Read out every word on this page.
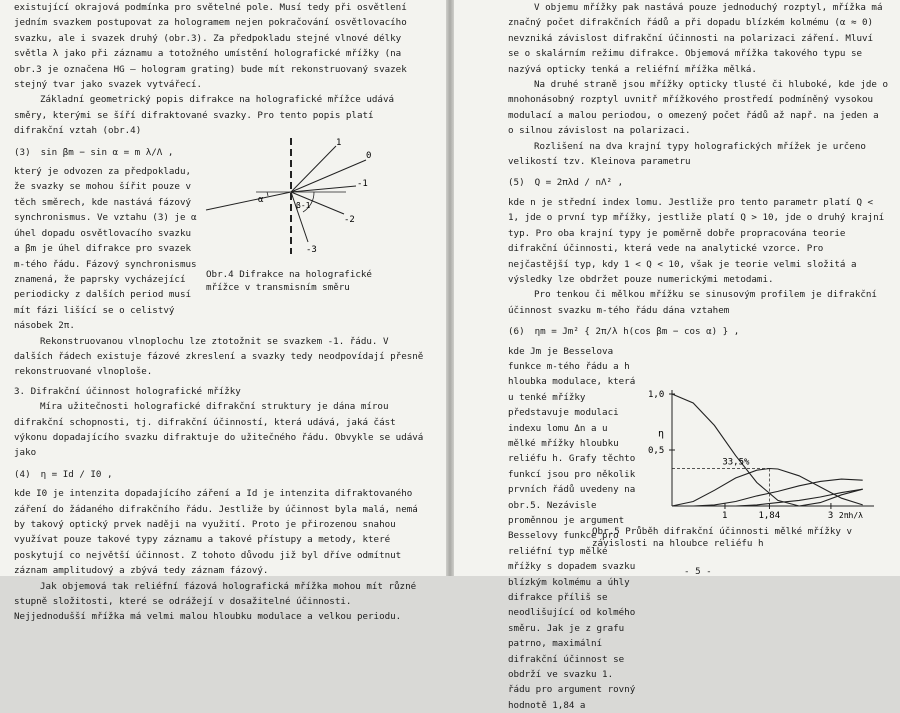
existující okrajová podmínka pro světelné pole. Musí tedy při osvětlení jedním svazkem postupovat za hologramem nejen pokračování osvětlovacího svazku, ale i svazek druhý (obr.3). Za předpokladu stejné vlnové délky světla λ jako při záznamu a totožného umístění holografické mřížky (na obr.3 je označena HG – hologram grating) bude mít rekonstruovaný svazek stejný tvar jako svazek vytvářecí.

Základní geometrický popis difrakce na holografické mřížce udává směry, kterými se šíří difraktované svazky. Pro tento popis platí difrakční vztah (obr.4)

(3) sin βm − sin α = m λ/Λ ,

který je odvozen za předpokladu, že svazky se mohou šířit pouze v těch směrech, kde nastává fázový synchronismus. Ve vztahu (3) je α úhel dopadu osvětlovacího svazku a βm je úhel difrakce pro svazek m-tého řádu. Fázový synchronismus znamená, že paprsky vycházející periodicky z dalších period musí mít fázi lišící se o celistvý násobek 2π.

Rekonstruovanou vlnoplochu lze ztotožnit se svazkem -1. řádu. V dalších řádech existuje fázové zkreslení a svazky tedy neodpovídají přesně rekonstruované vlnoploše.

3. Difrakční účinnost holografické mřížky

Míra užitečnosti holografické difrakční struktury je dána mírou difrakční schopnosti, tj. difrakční účinností, která udává, jaká část výkonu dopadajícího svazku difraktuje do užitečného řádu. Obvykle se udává jako

(4) η = Id / I0 ,

kde I0 je intenzita dopadajícího záření a Id je intenzita difraktovaného záření do žádaného difrakčního řádu. Jestliže by účinnost byla malá, nemá by takový optický prvek naději na využití. Proto je přirozenou snahou využívat pouze takové typy záznamu a takové přístupy a metody, které poskytují co největší účinnost. Z tohoto důvodu již byl dříve odmítnut záznam amplitudový a zbývá tedy záznam fázový.

Jak objemová tak reliéfní fázová holografická mřížka mohou mít různé stupně složitosti, které se odrážejí v dosažitelné účinnosti. Nejjednodušší mřížka má velmi malou hloubku modulace a velkou periodu.

1
0
-1
-2
-3
α
β-1

Obr.4 Difrakce na holografické mřížce v transmisním směru

V objemu mřížky pak nastává pouze jednoduchý rozptyl, mřížka má značný počet difrakčních řádů a při dopadu blízkém kolmému (α ≈ 0) nevzniká závislost difrakční účinnosti na polarizaci záření. Mluví se o skalárním režimu difrakce. Objemová mřížka takového typu se nazývá opticky tenká a reliéfní mřížka mělká.

Na druhé straně jsou mřížky opticky tlusté či hluboké, kde jde o mnohonásobný rozptyl uvnitř mřížkového prostředí podmíněný vysokou modulací a malou periodou, o omezený počet řádů až např. na jeden a o silnou závislost na polarizaci.

Rozlišení na dva krajní typy holografických mřížek je určeno velikostí tzv. Kleinova parametru

(5) Q = 2πλd / nΛ² ,

kde n je střední index lomu. Jestliže pro tento parametr platí Q < 1, jde o první typ mřížky, jestliže platí Q > 10, jde o druhý krajní typ. Pro oba krajní typy je poměrně dobře propracována teorie difrakční účinnosti, která vede na analytické vzorce. Pro nejčastější typ, kdy 1 < Q < 10, však je teorie velmi složitá a výsledky lze obdržet pouze numerickými metodami.

Pro tenkou či mělkou mřížku se sinusovým profilem je difrakční účinnost svazku m-tého řádu dána vztahem

(6) ηm = Jm² { 2π/λ h(cos βm − cos α) } ,

kde Jm je Besselova funkce m-tého řádu a h hloubka modulace, která u tenké mřížky představuje modulaci indexu lomu Δn a u mělké mřížky hloubku reliéfu h. Grafy těchto funkcí jsou pro několik prvních řádů uvedeny na obr.5. Nezávisle proměnnou je argument Besselovy funkce pro reliéfní typ mělké mřížky s dopadem svazku blízkým kolmému a úhly difrakce příliš se neodlišující od kolmého směru. Jak je z grafu patrno, maximální difrakční účinnost se obdrží ve svazku 1. řádu pro argument rovný hodnotě 1,84 a

1,0
0,5
η
33,5%
1	1,84	3 2πh/λ

Obr.5 Průběh difrakční účinnosti mělké mřížky v závislosti na hloubce reliéfu h

- 5 -
